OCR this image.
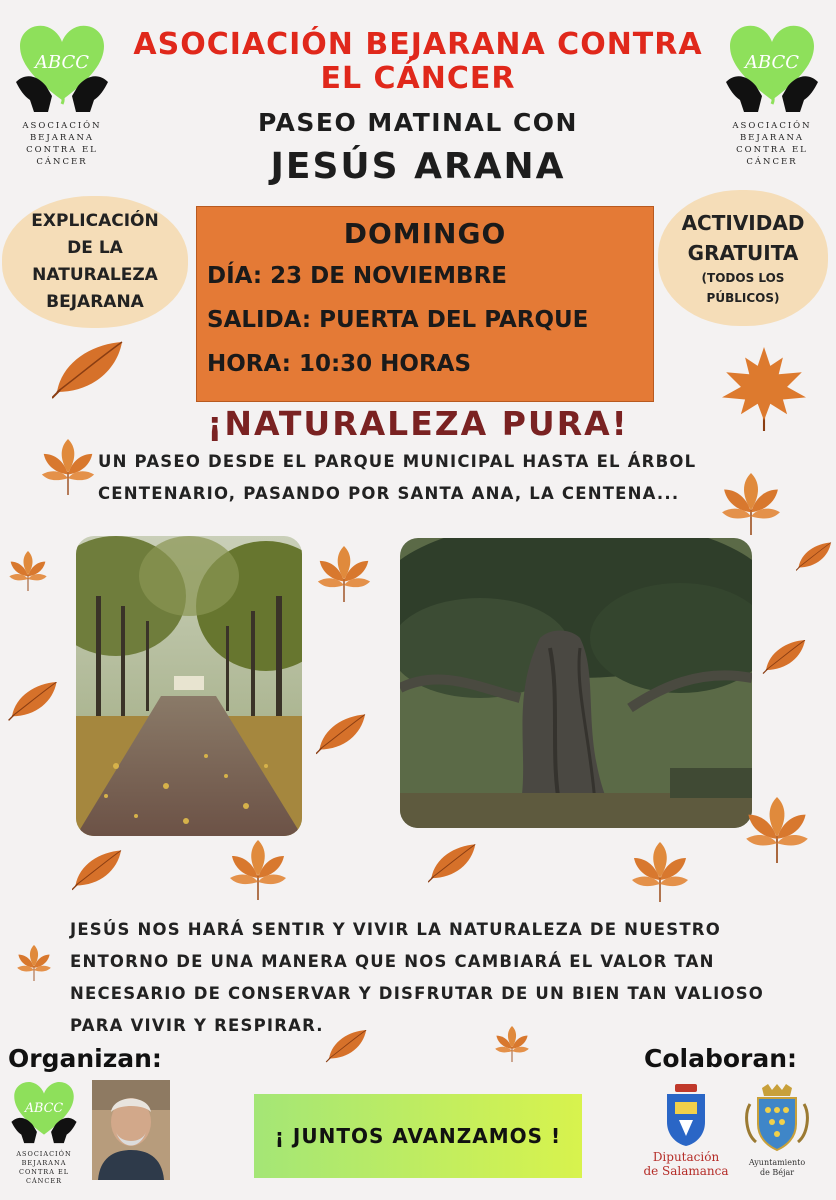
ASOCIACIÓN BEJARANA CONTRA
EL CÁNCER
PASEO MATINAL CON
JESÚS ARANA
ABCC
ASOCIACIÓN
BEJARANA
CONTRA EL
CÁNCER
ABCC
ASOCIACIÓN
BEJARANA
CONTRA EL
CÁNCER
EXPLICACIÓN
DE LA
NATURALEZA
BEJARANA
DOMINGO
DÍA: 23 DE NOVIEMBRE
SALIDA: PUERTA DEL PARQUE
HORA: 10:30 HORAS
ACTIVIDAD
GRATUITA
(TODOS LOS
PÚBLICOS)
¡NATURALEZA PURA!
UN PASEO DESDE EL PARQUE MUNICIPAL HASTA EL ÁRBOL
CENTENARIO, PASANDO POR SANTA ANA, LA CENTENA...
JESÚS NOS HARÁ SENTIR Y VIVIR LA NATURALEZA DE NUESTRO
ENTORNO DE UNA MANERA QUE NOS CAMBIARÁ EL VALOR TAN
NECESARIO DE CONSERVAR Y DISFRUTAR DE UN BIEN TAN VALIOSO
PARA VIVIR Y RESPIRAR.
Organizan:
ABCC
ASOCIACIÓN
BEJARANA
CONTRA EL
CÁNCER
¡ JUNTOS AVANZAMOS !
Colaboran:
Diputación
de Salamanca
Ayuntamiento
de Béjar
